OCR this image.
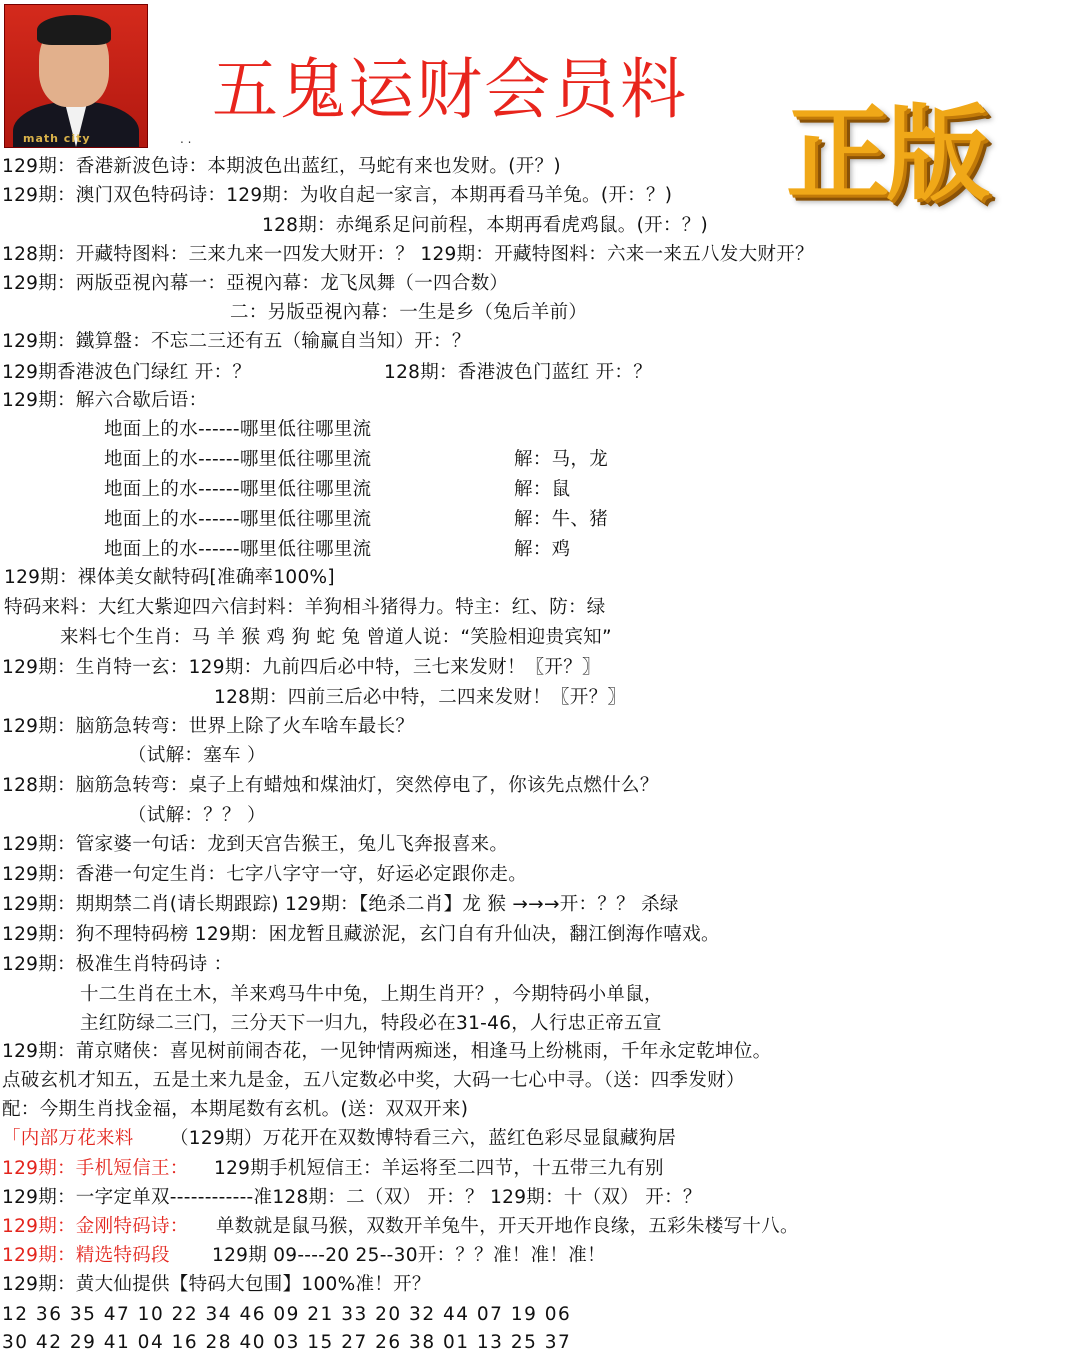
math city
五鬼运财会员料
正版
. .
129期：香港新波色诗：本期波色出蓝红，马蛇有来也发财。(开？)
129期：澳门双色特码诗：129期：为收自起一家言，本期再看马羊兔。(开：？)
128期：赤绳系足问前程，本期再看虎鸡鼠。(开：？)
128期：开藏特图料：三来九来一四发大财开：？ 129期：开藏特图料：六来一来五八发大财开？
129期：两版亞視內幕一：亞視內幕：龙飞凤舞（一四合数）
二：另版亞視內幕：一生是乡（兔后羊前）
129期：鐵算盤：不忘二三还有五（输赢自当知）开：？
129期香港波色门绿红 开：？	128期：香港波色门蓝红 开：？
129期：解六合歇后语：
地面上的水------哪里低往哪里流
地面上的水------哪里低往哪里流	解：马，龙
地面上的水------哪里低往哪里流	解：鼠
地面上的水------哪里低往哪里流	解：牛、猪
地面上的水------哪里低往哪里流	解：鸡
129期：裸体美女献特码[准确率100%]
特码来料：大红大紫迎四六信封料：羊狗相斗猪得力。特主：红、防：绿
来料七个生肖：马 羊 猴 鸡 狗 蛇 兔 曾道人说：“笑脸相迎贵宾知”
129期：生肖特一玄：129期：九前四后必中特，三七来发财！〖开？〗
128期：四前三后必中特，二四来发财！〖开？〗
129期：脑筋急转弯：世界上除了火车啥车最长？
（试解：塞车 ）
128期：脑筋急转弯：桌子上有蜡烛和煤油灯，突然停电了，你该先点燃什么？
（试解：？？ ）
129期：管家婆一句话：龙到天宫告猴王，兔儿飞奔报喜来。
129期：香港一句定生肖：七字八字守一守，好运必定跟你走。
129期：期期禁二肖(请长期跟踪) 129期：【绝杀二肖】龙 猴 →→→开：？？ 杀绿
129期：狗不理特码榜 129期：困龙暂且藏淤泥，玄门自有升仙决，翻江倒海作嘻戏。
129期：极准生肖特码诗 ：
十二生肖在土木，羊来鸡马牛中兔，上期生肖开？，今期特码小单鼠，
主红防绿二三门，三分天下一归九，特段必在31-46，人行忠正帝五宣
129期：莆京赌侠：喜见树前闹杏花，一见钟情两痴迷，相逢马上纷桃雨，千年永定乾坤位。
点破玄机才知五，五是土来九是金，五八定数必中奖，大码一七心中寻。（送：四季发财）
配：今期生肖找金福，本期尾数有玄机。(送：双双开来)
「内部万花来料 （129期）万花开在双数博特看三六，蓝红色彩尽显鼠藏狗居
129期：手机短信王： 129期手机短信王：羊运将至二四节，十五带三九有别
129期：一字定单双------------准128期：二（双） 开：？ 129期：十（双） 开：？
129期：金刚特码诗： 单数就是鼠马猴，双数开羊兔牛，开天开地作良缘，五彩朱楼写十八。
129期：精选特码段 129期 09----20 25--30开：？？准！准！准！
129期：黄大仙提供【特码大包围】100%准！开？
12 36 35 47 10 22 34 46 09 21 33 20 32 44 07 19 06
30 42 29 41 04 16 28 40 03 15 27 26 38 01 13 25 37
